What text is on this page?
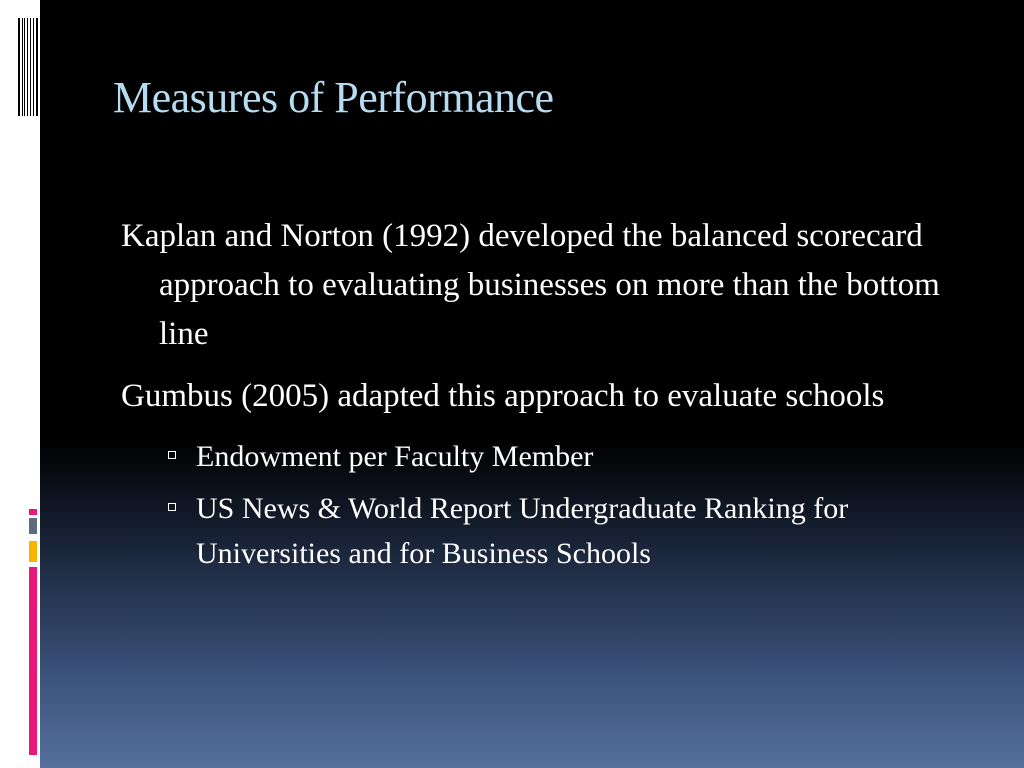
Measures of Performance

Kaplan and Norton (1992) developed the balanced scorecard approach to evaluating businesses on more than the bottom line

Gumbus (2005) adapted this approach to evaluate schools

Endowment per Faculty Member
US News & World Report Undergraduate Ranking for Universities and for Business Schools
